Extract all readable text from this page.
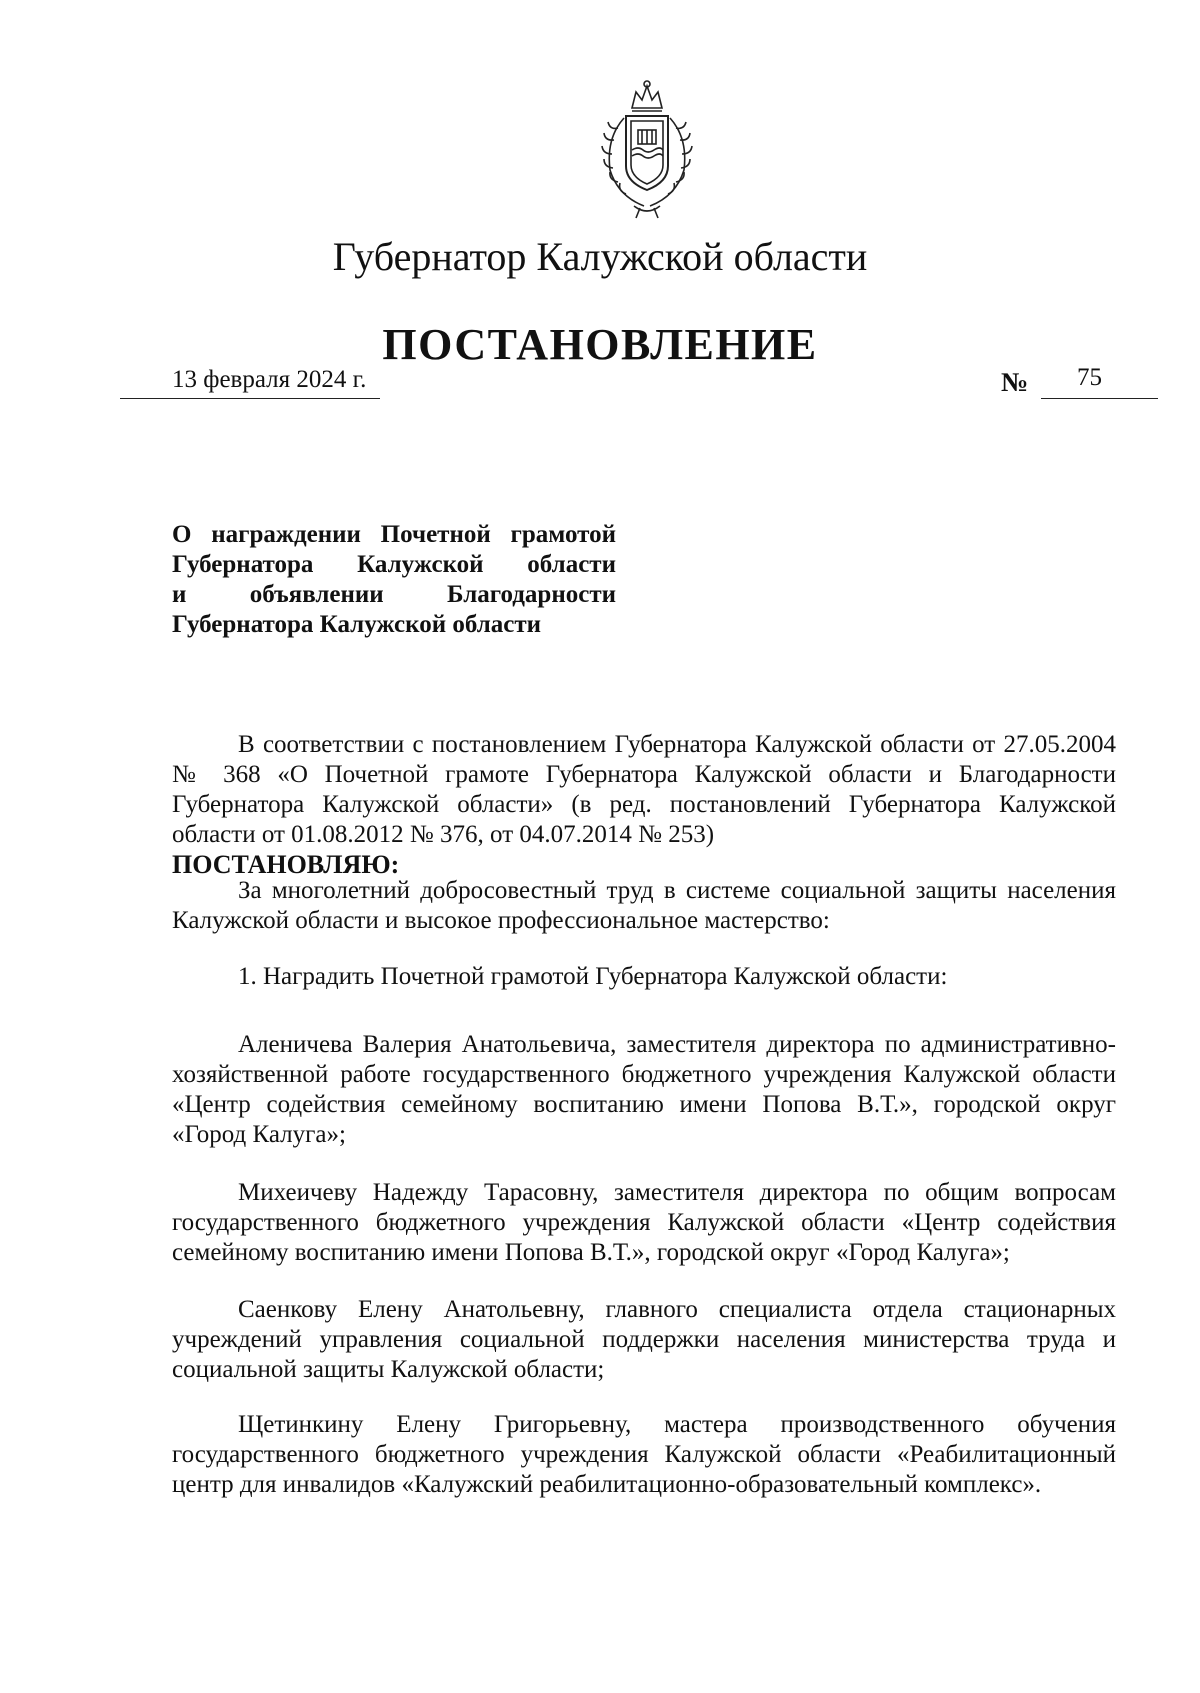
Губернатор Калужской области
ПОСТАНОВЛЕНИЕ
13 февраля 2024 г.	№ 75
О награждении Почетной грамотой
Губернатора Калужской области
и объявлении Благодарности
Губернатора Калужской области

В соответствии с постановлением Губернатора Калужской области от 27.05.2004 № 368 «О Почетной грамоте Губернатора Калужской области и Благодарности Губернатора Калужской области» (в ред. постановлений Губернатора Калужской области от 01.08.2012 № 376, от 04.07.2014 № 253)

ПОСТАНОВЛЯЮ:

За многолетний добросовестный труд в системе социальной защиты населения Калужской области и высокое профессиональное мастерство:

1. Наградить Почетной грамотой Губернатора Калужской области:

Аленичева Валерия Анатольевича, заместителя директора по административно-хозяйственной работе государственного бюджетного учреждения Калужской области «Центр содействия семейному воспитанию имени Попова В.Т.», городской округ «Город Калуга»;

Михеичеву Надежду Тарасовну, заместителя директора по общим вопросам государственного бюджетного учреждения Калужской области «Центр содействия семейному воспитанию имени Попова В.Т.», городской округ «Город Калуга»;

Саенкову Елену Анатольевну, главного специалиста отдела стационарных учреждений управления социальной поддержки населения министерства труда и социальной защиты Калужской области;

Щетинкину Елену Григорьевну, мастера производственного обучения государственного бюджетного учреждения Калужской области «Реабилитационный центр для инвалидов «Калужский реабилитационно-образовательный комплекс».
